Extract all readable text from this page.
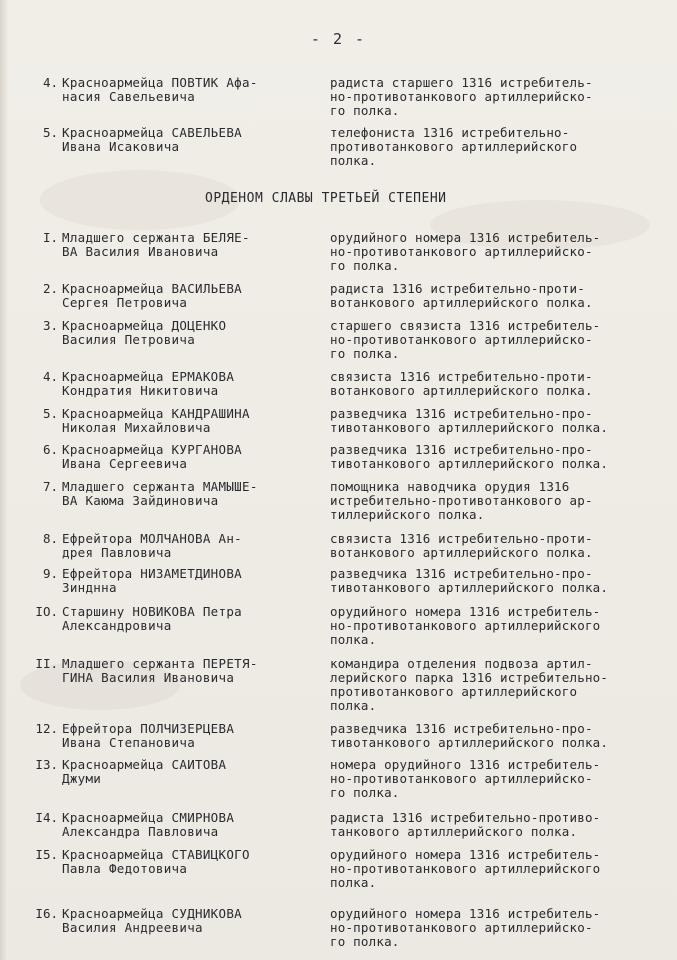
- 2 -
4. Красноармейца ПОВТИК Афа-
насия Савельевича
радиста старшего 1316 истребитель-
но-противотанкового артиллерийско-
го полка.
5. Красноармейца САВЕЛЬЕВА
Ивана Исаковича
телефониста 1316 истребительно-
противотанкового артиллерийского
полка.
ОРДЕНОМ СЛАВЫ ТРЕТЬЕЙ СТЕПЕНИ
I. Младшего сержанта БЕЛЯЕ-
ВА Василия Ивановича
орудийного номера 1316 истребитель-
но-противотанкового артиллерийско-
го полка.
2. Красноармейца ВАСИЛЬЕВА
Сергея Петровича
радиста 1316 истребительно-проти-
вотанкового артиллерийского полка.
3. Красноармейца ДОЦЕНКО
Василия Петровича
старшего связиста 1316 истребитель-
но-противотанкового артиллерийско-
го полка.
4. Красноармейца ЕРМАКОВА
Кондратия Никитовича
связиста 1316 истребительно-проти-
вотанкового артиллерийского полка.
5. Красноармейца КАНДРАШИНА
Николая Михайловича
разведчика 1316 истребительно-про-
тивотанкового артиллерийского полка.
6. Красноармейца КУРГАНОВА
Ивана Сергеевича
разведчика 1316 истребительно-про-
тивотанкового артиллерийского полка.
7. Младшего сержанта МАМЫШЕ-
ВА Каюма Зайдиновича
помощника наводчика орудия 1316
истребительно-противотанкового ар-
тиллерийского полка.
8. Ефрейтора МОЛЧАНОВА Ан-
дрея Павловича
связиста 1316 истребительно-проти-
вотанкового артиллерийского полка.
9. Ефрейтора НИЗАМЕТДИНОВА
Зинднна
разведчика 1316 истребительно-про-
тивотанкового артиллерийского полка.
IO. Старшину НОВИКОВА Петра
Александровича
орудийного номера 1316 истребитель-
но-противотанкового артиллерийского
полка.
II. Младшего сержанта ПЕРЕТЯ-
ГИНА Василия Ивановича
командира отделения подвоза артил-
лерийского парка 1316 истребительно-
противотанкового артиллерийского
полка.
12. Ефрейтора ПОЛЧИЗЕРЦЕВА
Ивана Степановича
разведчика 1316 истребительно-про-
тивотанкового артиллерийского полка.
I3. Красноармейца САИТОВА
Джуми
номера орудийного 1316 истребитель-
но-противотанкового артиллерийско-
го полка.
I4. Красноармейца СМИРНОВА
Александра Павловича
радиста 1316 истребительно-противо-
танкового артиллерийского полка.
I5. Красноармейца СТАВИЦКОГО
Павла Федотовича
орудийного номера 1316 истребитель-
но-противотанкового артиллерийского
полка.
I6. Красноармейца СУДНИКОВА
Василия Андреевича
орудийного номера 1316 истребитель-
но-противотанкового артиллерийско-
го полка.
